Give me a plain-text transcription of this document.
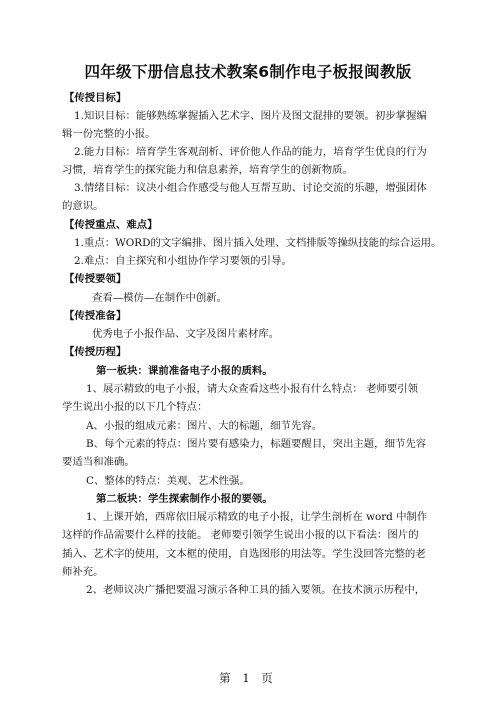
四年级下册信息技术教案6制作电子板报闽教版
【传授目标】
1.知识目标：能够熟练掌握插入艺术字、图片及图文混排的要领。初步掌握编
辑一份完整的小报。
2.能力目标：培育学生客观剖析、评价他人作品的能力，培育学生优良的行为
习惯，培育学生的探究能力和信息素养，培育学生的创新物质。
3.情绪目标：议决小组合作感受与他人互帮互助、讨论交流的乐趣，增强团体
的意识。
【传授重点、难点】
1.重点：WORD的文字编排、图片插入处理、文档排版等操纵技能的综合运用。
2.难点：自主探究和小组协作学习要领的引导。
【传授要领】
查看—模仿—在制作中创新。
【传授准备】
优秀电子小报作品、文字及图片素材库。
【传授历程】
第一板块：课前准备电子小报的质料。
1、展示精致的电子小报，请大众查看这些小报有什么特点： 老师要引领
学生说出小报的以下几个特点：
A、小报的组成元素：图片、大的标题，细节先容。
B、每个元素的特点：图片要有感染力，标题要醒目，突出主题，细节先容
要适当和准确。
C、整体的特点：美观、艺术性强。
第二板块：学生探索制作小报的要领。
1、上课开始，西席依旧展示精致的电子小报，让学生剖析在 word 中制作
这样的作品需要什么样的技能。 老师要引领学生说出小报的以下看法：图片的
插入、艺术字的使用，文本框的使用，自选图形的用法等。学生没回答完整的老
师补充。
2、老师议决广播把要温习演示各种工具的插入要领。在技术演示历程中，
第 1 页
